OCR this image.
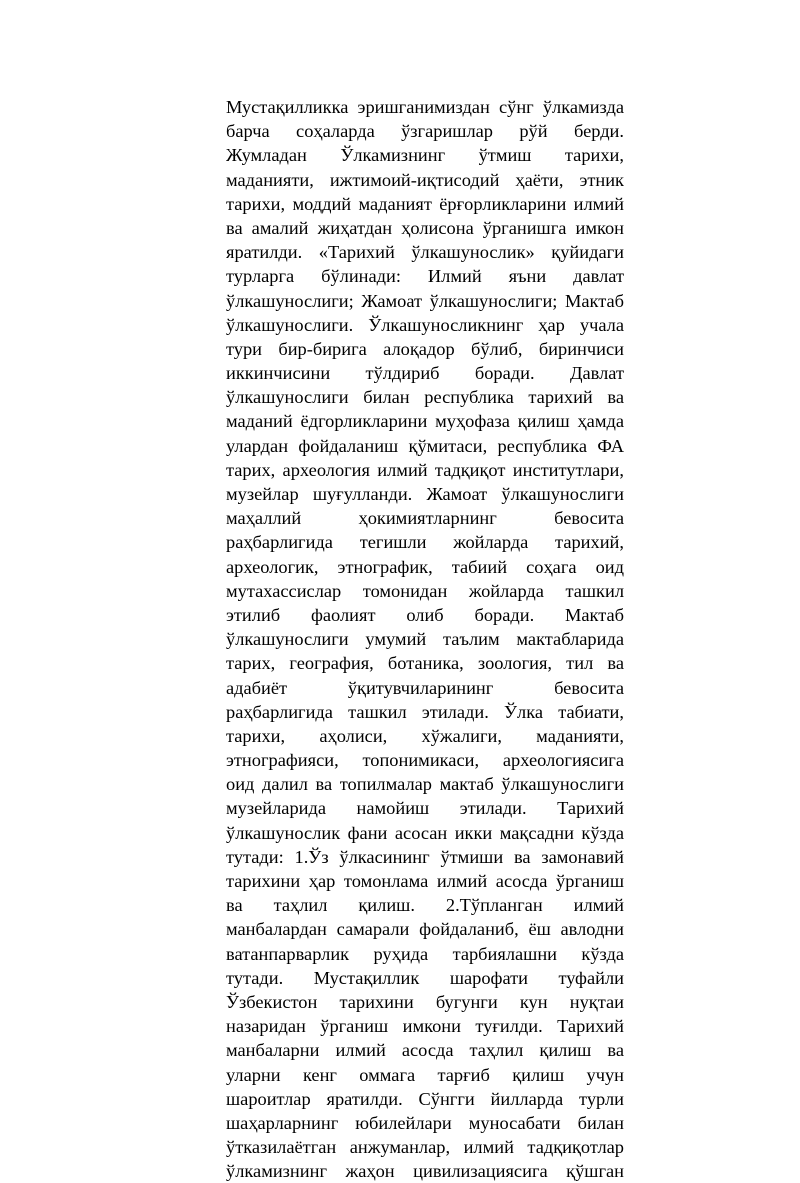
Мустақилликка эришганимиздан сўнг ўлкамизда
барча соҳаларда ўзгаришлар рўй берди.
Жумладан Ўлкамизнинг ўтмиш тарихи,
маданияти, ижтимоий-иқтисодий ҳаёти, этник
тарихи, моддий маданият ёрғорликларини илмий
ва амалий жиҳатдан ҳолисона ўрганишга имкон
яратилди. «Тарихий ўлкашунослик» қуйидаги
турларга бўлинади: Илмий яъни давлат
ўлкашунослиги; Жамоат ўлкашунослиги; Мактаб
ўлкашунослиги. Ўлкашуносликнинг ҳар учала
тури бир-бирига алоқадор бўлиб, биринчиси
иккинчисини тўлдириб боради. Давлат
ўлкашунослиги билан республика тарихий ва
маданий ёдгорликларини муҳофаза қилиш ҳамда
улардан фойдаланиш қўмитаси, республика ФА
тарих, археология илмий тадқиқот институтлари,
музейлар шуғулланди. Жамоат ўлкашунослиги
маҳаллий ҳокимиятларнинг бевосита
раҳбарлигида тегишли жойларда тарихий,
археологик, этнографик, табиий соҳага оид
мутахассислар томонидан жойларда ташкил
этилиб фаолият олиб боради. Мактаб
ўлкашунослиги умумий таълим мактабларида
тарих, география, ботаника, зоология, тил ва
адабиёт ўқитувчиларининг бевосита
раҳбарлигида ташкил этилади. Ўлка табиати,
тарихи, аҳолиси, хўжалиги, маданияти,
этнографияси, топонимикаси, археологиясига
оид далил ва топилмалар мактаб ўлкашунослиги
музейларида намойиш этилади. Тарихий
ўлкашунослик фани асосан икки мақсадни кўзда
тутади: 1.Ўз ўлкасининг ўтмиши ва замонавий
тарихини ҳар томонлама илмий асосда ўрганиш
ва таҳлил қилиш. 2.Тўпланган илмий
манбалардан самарали фойдаланиб, ёш авлодни
ватанпарварлик руҳида тарбиялашни кўзда
тутади. Мустақиллик шарофати туфайли
Ўзбекистон тарихини бугунги кун нуқтаи
назаридан ўрганиш имкони туғилди. Тарихий
манбаларни илмий асосда таҳлил қилиш ва
уларни кенг оммага тарғиб қилиш учун
шароитлар яратилди. Сўнгги йилларда турли
шаҳарларнинг юбилейлари муносабати билан
ўтказилаётган анжуманлар, илмий тадқиқотлар
ўлкамизнинг жаҳон цивилизациясига қўшган
